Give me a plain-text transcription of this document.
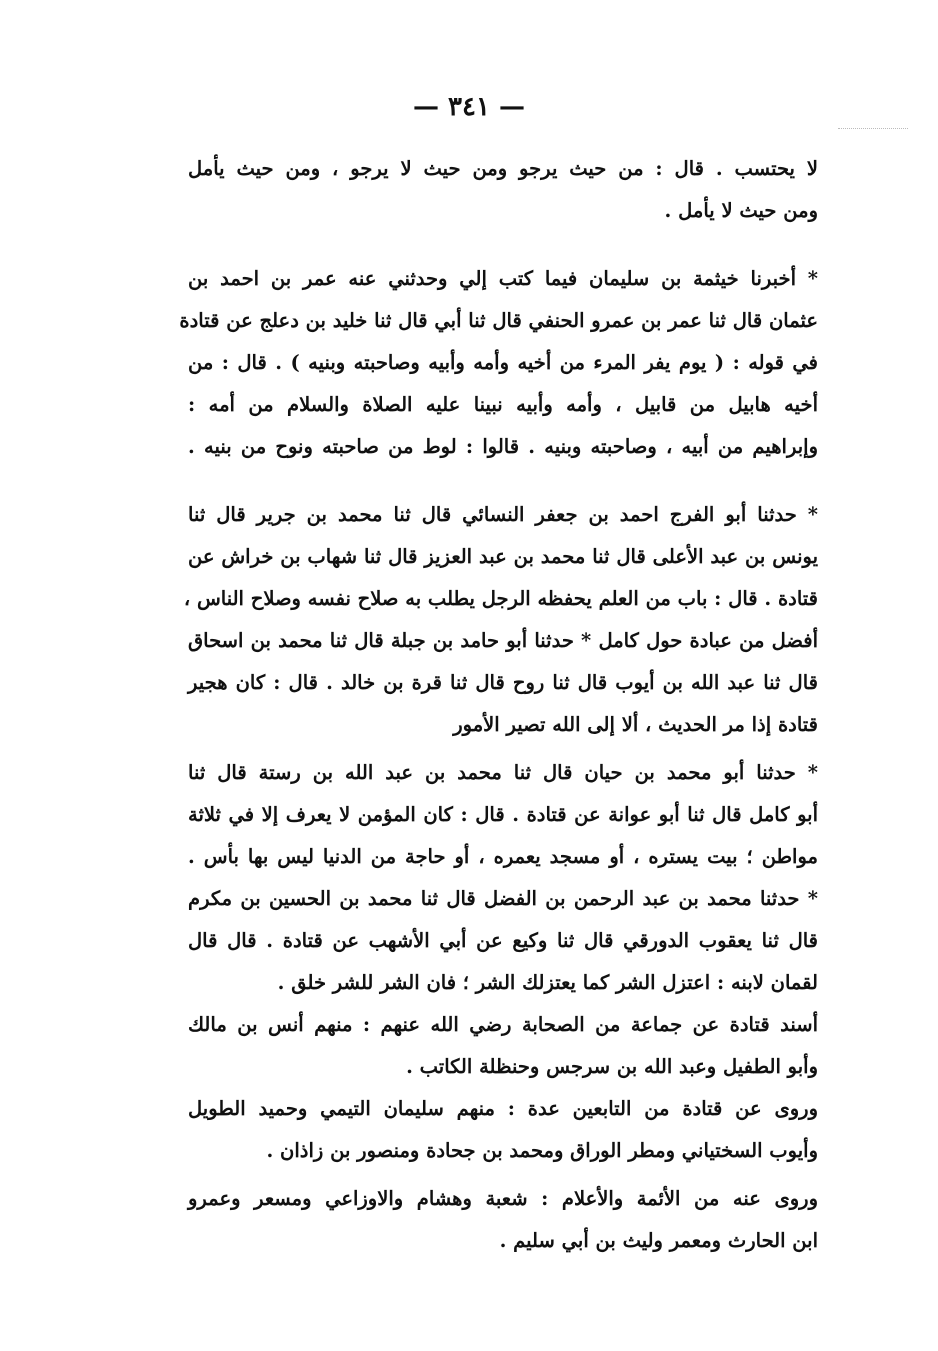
— ٣٤١ —
لا يحتسب . قال : من حيث يرجو ومن حيث لا يرجو ، ومن حيث يأمل
ومن حيث لا يأمل .
* أخبرنا خيثمة بن سليمان فيما كتب إلي وحدثني عنه عمر بن احمد بن
عثمان قال ثنا عمر بن عمرو الحنفي قال ثنا أبي قال ثنا خليد بن دعلج عن قتادة
في قوله : ( يوم يفر المرء من أخيه وأمه وأبيه وصاحبته وبنيه ) . قال : من
أخيه هابيل من قابيل ، وأمه وأبيه نبينا عليه الصلاة والسلام من أمه :
وإبراهيم من أبيه ، وصاحبته وبنيه . قالوا : لوط من صاحبته ونوح من بنيه .
* حدثنا أبو الفرج احمد بن جعفر النسائي قال ثنا محمد بن جرير قال ثنا
يونس بن عبد الأعلى قال ثنا محمد بن عبد العزيز قال ثنا شهاب بن خراش عن
قتادة . قال : باب من العلم يحفظه الرجل يطلب به صلاح نفسه وصلاح الناس ،
أفضل من عبادة حول كامل * حدثنا أبو حامد بن جبلة قال ثنا محمد بن اسحاق
قال ثنا عبد الله بن أيوب قال ثنا روح قال ثنا قرة بن خالد . قال : كان هجير
قتادة إذا مر الحديث ، ألا إلى الله تصير الأمور
* حدثنا أبو محمد بن حيان قال ثنا محمد بن عبد الله بن رستة قال ثنا
أبو كامل قال ثنا أبو عوانة عن قتادة . قال : كان المؤمن لا يعرف إلا في ثلاثة
مواطن ؛ بيت يستره ، أو مسجد يعمره ، أو حاجة من الدنيا ليس بها بأس .
* حدثنا محمد بن عبد الرحمن بن الفضل قال ثنا محمد بن الحسين بن مكرم
قال ثنا يعقوب الدورقي قال ثنا وكيع عن أبي الأشهب عن قتادة . قال قال
لقمان لابنه : اعتزل الشر كما يعتزلك الشر ؛ فان الشر للشر خلق .
أسند قتادة عن جماعة من الصحابة رضي الله عنهم : منهم أنس بن مالك
وأبو الطفيل وعبد الله بن سرجس وحنظلة الكاتب .
وروى عن قتادة من التابعين عدة : منهم سليمان التيمي وحميد الطويل
وأيوب السختياني ومطر الوراق ومحمد بن جحادة ومنصور بن زاذان .
وروى عنه من الأئمة والأعلام : شعبة وهشام والاوزاعي ومسعر وعمرو
ابن الحارث ومعمر وليث بن أبي سليم .
